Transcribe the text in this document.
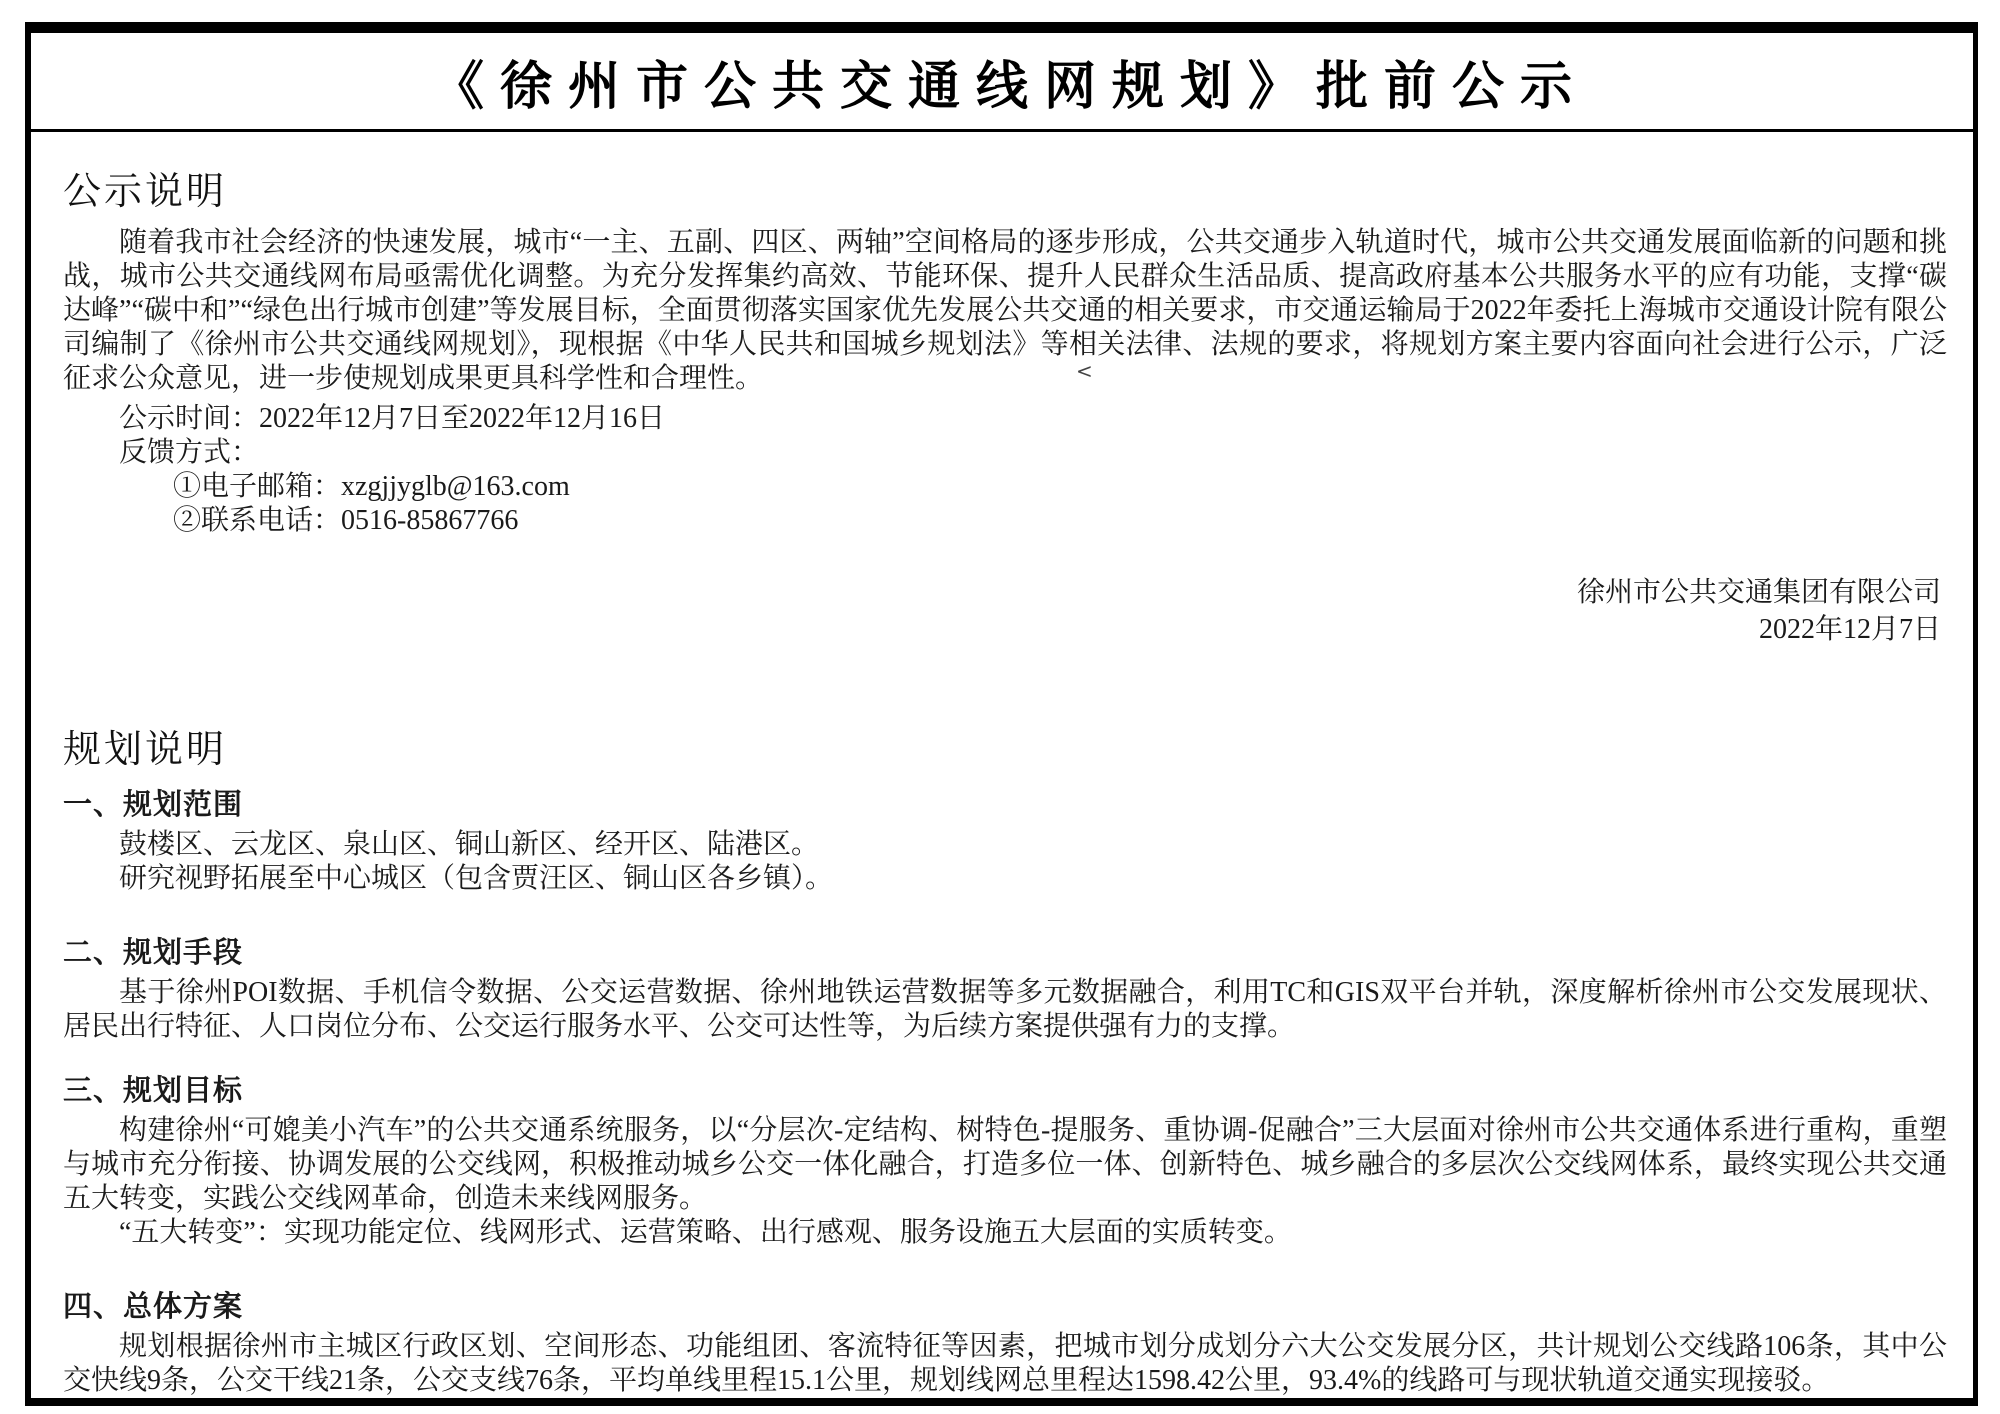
《徐州市公共交通线网规划》批前公示
<
公示说明

随着我市社会经济的快速发展，城市“一主、五副、四区、两轴”空间格局的逐步形成，公共交通步入轨道时代，城市公共交通发展面临新的问题和挑战，城市公共交通线网布局亟需优化调整。为充分发挥集约高效、节能环保、提升人民群众生活品质、提高政府基本公共服务水平的应有功能，支撑“碳达峰”“碳中和”“绿色出行城市创建”等发展目标，全面贯彻落实国家优先发展公共交通的相关要求，市交通运输局于2022年委托上海城市交通设计院有限公司编制了《徐州市公共交通线网规划》，现根据《中华人民共和国城乡规划法》等相关法律、法规的要求，将规划方案主要内容面向社会进行公示，广泛征求公众意见，进一步使规划成果更具科学性和合理性。

公示时间：2022年12月7日至2022年12月16日
反馈方式：
①电子邮箱：xzgjjyglb@163.com
②联系电话：0516-85867766
徐州市公共交通集团有限公司
2022年12月7日
规划说明
一、规划范围

鼓楼区、云龙区、泉山区、铜山新区、经开区、陆港区。

研究视野拓展至中心城区（包含贾汪区、铜山区各乡镇）。

二、规划手段

基于徐州POI数据、手机信令数据、公交运营数据、徐州地铁运营数据等多元数据融合，利用TC和GIS双平台并轨，深度解析徐州市公交发展现状、居民出行特征、人口岗位分布、公交运行服务水平、公交可达性等，为后续方案提供强有力的支撑。

三、规划目标

构建徐州“可媲美小汽车”的公共交通系统服务，以“分层次-定结构、树特色-提服务、重协调-促融合”三大层面对徐州市公共交通体系进行重构，重塑与城市充分衔接、协调发展的公交线网，积极推动城乡公交一体化融合，打造多位一体、创新特色、城乡融合的多层次公交线网体系，最终实现公共交通五大转变，实践公交线网革命，创造未来线网服务。

“五大转变”：实现功能定位、线网形式、运营策略、出行感观、服务设施五大层面的实质转变。

四、总体方案

规划根据徐州市主城区行政区划、空间形态、功能组团、客流特征等因素，把城市划分成划分六大公交发展分区，共计规划公交线路106条，其中公交快线9条，公交干线21条，公交支线76条，平均单线里程15.1公里，规划线网总里程达1598.42公里，93.4%的线路可与现状轨道交通实现接驳。
